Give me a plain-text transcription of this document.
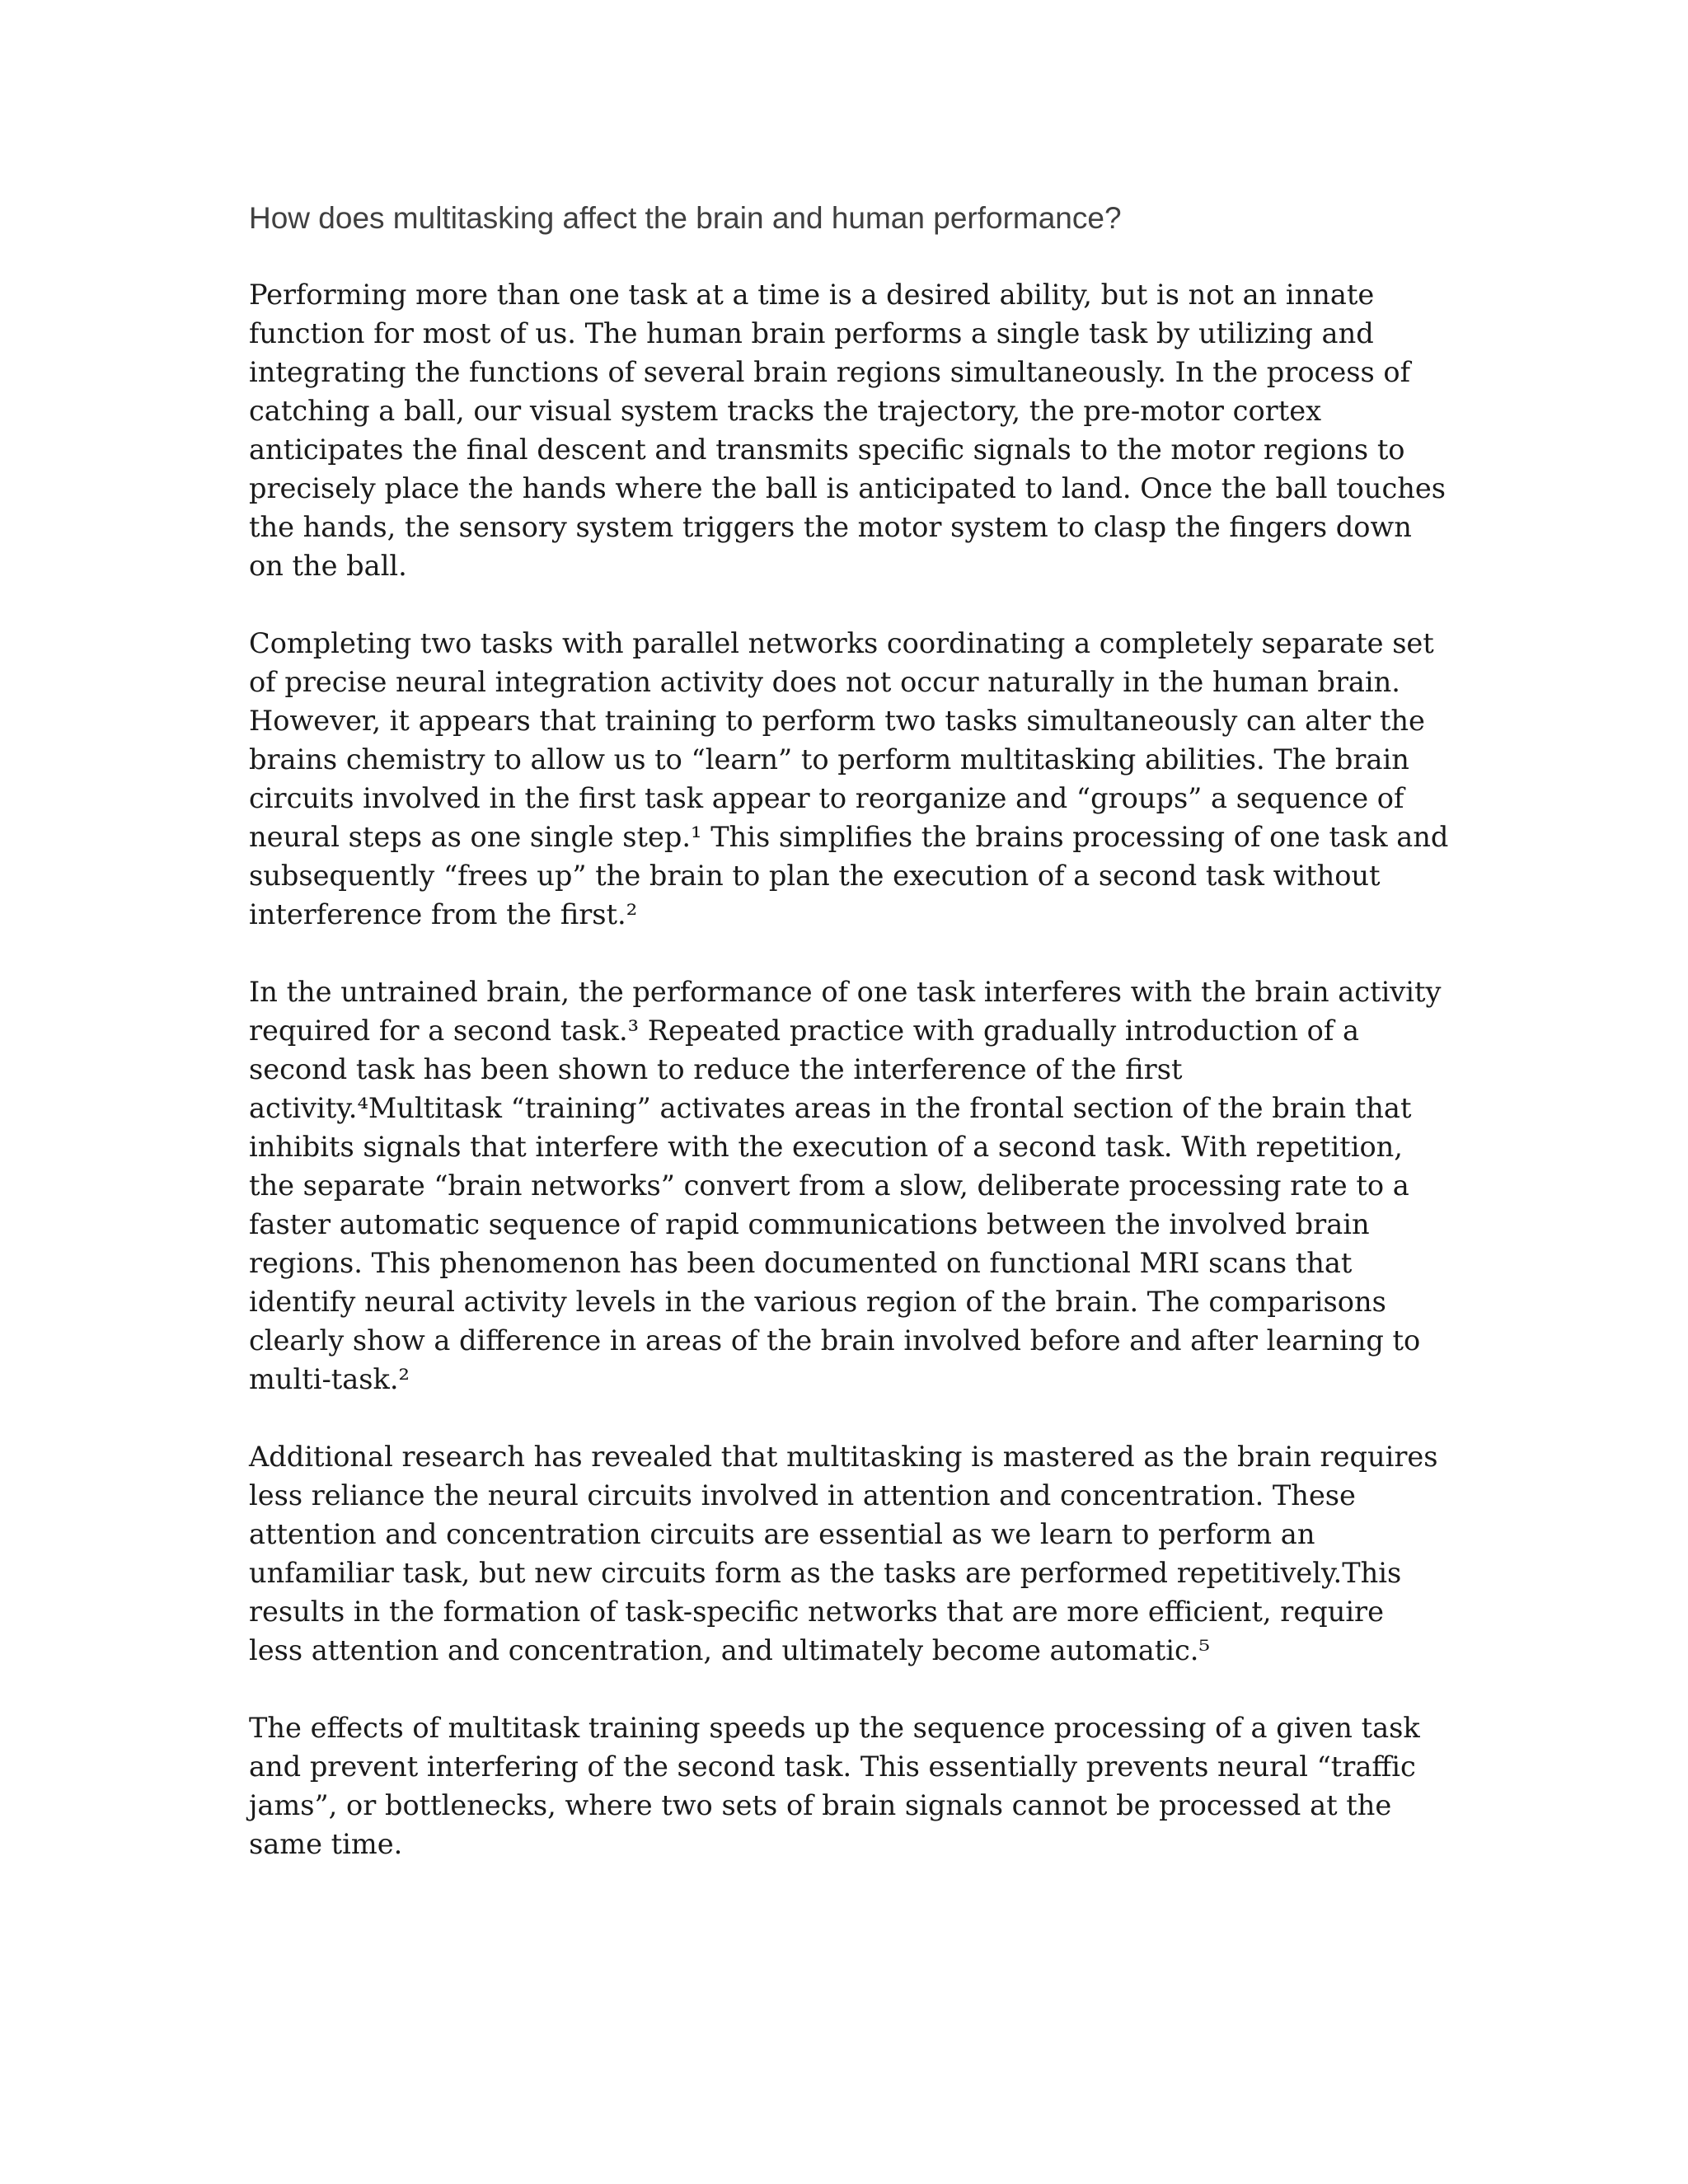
How does multitasking affect the brain and human performance?

Performing more than one task at a time is a desired ability, but is not an innate
function for most of us. The human brain performs a single task by utilizing and
integrating the functions of several brain regions simultaneously. In the process of
catching a ball, our visual system tracks the trajectory, the pre-motor cortex
anticipates the final descent and transmits specific signals to the motor regions to
precisely place the hands where the ball is anticipated to land. Once the ball touches
the hands, the sensory system triggers the motor system to clasp the fingers down
on the ball.

Completing two tasks with parallel networks coordinating a completely separate set
of precise neural integration activity does not occur naturally in the human brain.
However, it appears that training to perform two tasks simultaneously can alter the
brains chemistry to allow us to “learn” to perform multitasking abilities. The brain
circuits involved in the first task appear to reorganize and “groups” a sequence of
neural steps as one single step.¹ This simplifies the brains processing of one task and
subsequently “frees up” the brain to plan the execution of a second task without
interference from the first.²

In the untrained brain, the performance of one task interferes with the brain activity
required for a second task.³ Repeated practice with gradually introduction of a
second task has been shown to reduce the interference of the first
activity.⁴Multitask “training” activates areas in the frontal section of the brain that
inhibits signals that interfere with the execution of a second task. With repetition,
the separate “brain networks” convert from a slow, deliberate processing rate to a
faster automatic sequence of rapid communications between the involved brain
regions. This phenomenon has been documented on functional MRI scans that
identify neural activity levels in the various region of the brain. The comparisons
clearly show a difference in areas of the brain involved before and after learning to
multi-task.²

Additional research has revealed that multitasking is mastered as the brain requires
less reliance the neural circuits involved in attention and concentration. These
attention and concentration circuits are essential as we learn to perform an
unfamiliar task, but new circuits form as the tasks are performed repetitively.This
results in the formation of task-specific networks that are more efficient, require
less attention and concentration, and ultimately become automatic.⁵

The effects of multitask training speeds up the sequence processing of a given task
and prevent interfering of the second task. This essentially prevents neural “traffic
jams”, or bottlenecks, where two sets of brain signals cannot be processed at the
same time.
